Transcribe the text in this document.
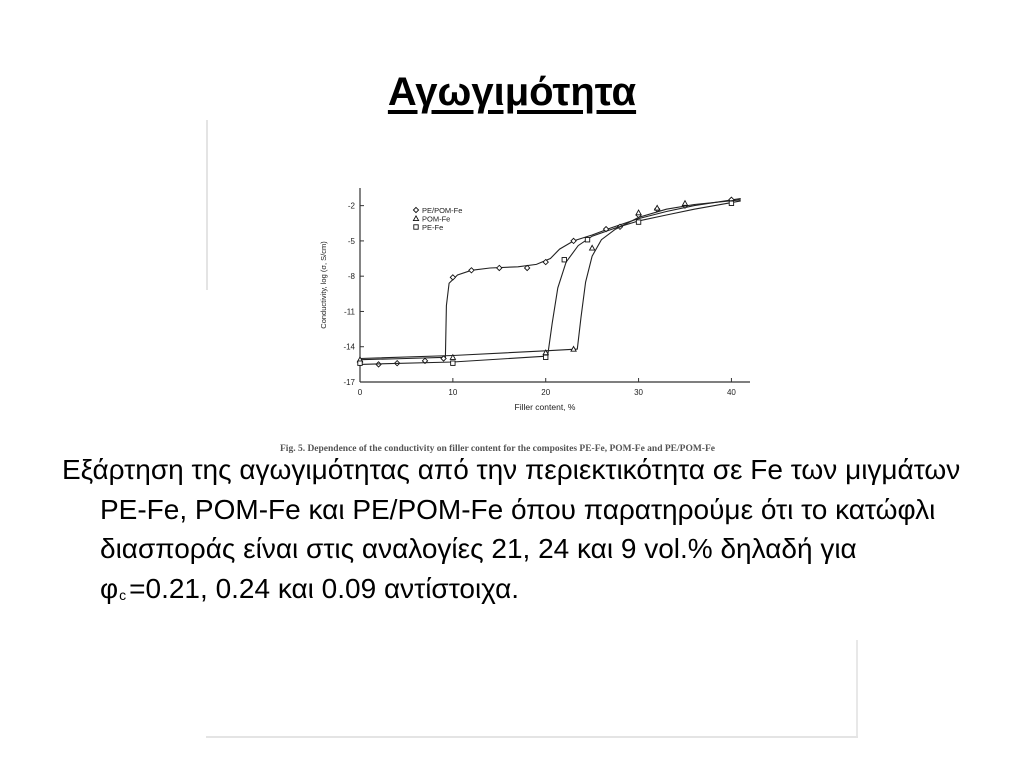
Αγωγιμότητα
0	10	20	30	40
-17
-14
-11
-8
-5
-2
Filler content, %
Conductivity, log (σ, S/cm)
PE/POM-Fe
POM-Fe
PE-Fe
Fig. 5. Dependence of the conductivity on filler content for the composites PE-Fe, POM-Fe and PE/POM-Fe

Εξάρτηση της αγωγιμότητας από την περιεκτικότητα σε Fe των μιγμάτων PE-Fe, POM-Fe και PE/POM-Fe όπου παρατηρούμε ότι το κατώφλι διασποράς είναι στις αναλογίες 21, 24 και 9 vol.% δηλαδή για φc =0.21, 0.24 και 0.09 αντίστοιχα.
